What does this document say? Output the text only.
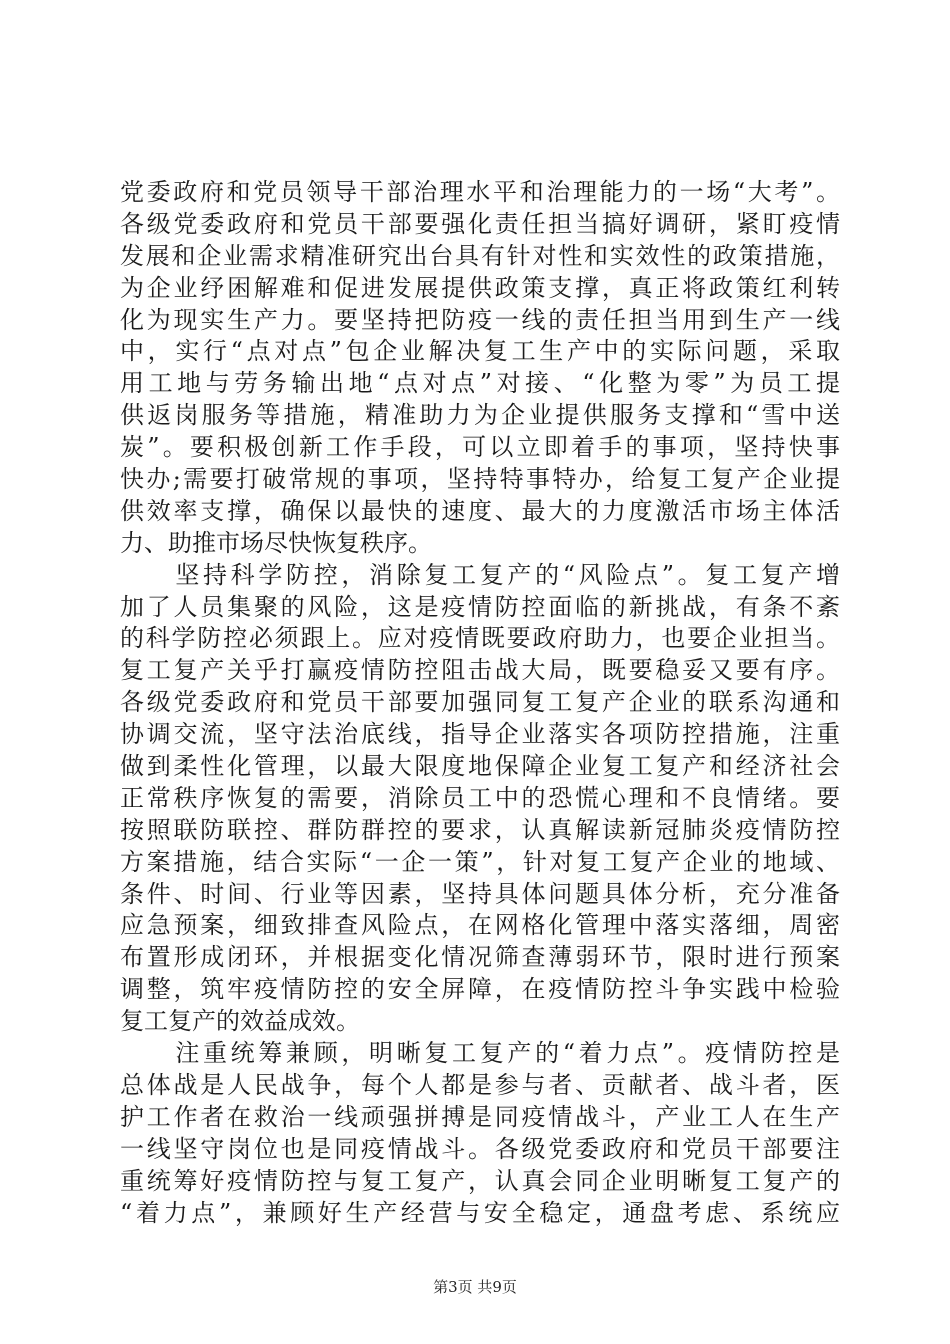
党委政府和党员领导干部治理水平和治理能力的一场“大考”。
各级党委政府和党员干部要强化责任担当搞好调研，紧盯疫情
发展和企业需求精准研究出台具有针对性和实效性的政策措施，
为企业纾困解难和促进发展提供政策支撑，真正将政策红利转
化为现实生产力。要坚持把防疫一线的责任担当用到生产一线
中，实行“点对点”包企业解决复工生产中的实际问题，采取
用工地与劳务输出地“点对点”对接、“化整为零”为员工提
供返岗服务等措施，精准助力为企业提供服务支撑和“雪中送
炭”。要积极创新工作手段，可以立即着手的事项，坚持快事
快办;需要打破常规的事项，坚持特事特办，给复工复产企业提
供效率支撑，确保以最快的速度、最大的力度激活市场主体活
力、助推市场尽快恢复秩序。
　　坚持科学防控，消除复工复产的“风险点”。复工复产增
加了人员集聚的风险，这是疫情防控面临的新挑战，有条不紊
的科学防控必须跟上。应对疫情既要政府助力，也要企业担当。
复工复产关乎打赢疫情防控阻击战大局，既要稳妥又要有序。
各级党委政府和党员干部要加强同复工复产企业的联系沟通和
协调交流，坚守法治底线，指导企业落实各项防控措施，注重
做到柔性化管理，以最大限度地保障企业复工复产和经济社会
正常秩序恢复的需要，消除员工中的恐慌心理和不良情绪。要
按照联防联控、群防群控的要求，认真解读新冠肺炎疫情防控
方案措施，结合实际“一企一策”，针对复工复产企业的地域、
条件、时间、行业等因素，坚持具体问题具体分析，充分准备
应急预案，细致排查风险点，在网格化管理中落实落细，周密
布置形成闭环，并根据变化情况筛查薄弱环节，限时进行预案
调整，筑牢疫情防控的安全屏障，在疫情防控斗争实践中检验
复工复产的效益成效。
　　注重统筹兼顾，明晰复工复产的“着力点”。疫情防控是
总体战是人民战争，每个人都是参与者、贡献者、战斗者，医
护工作者在救治一线顽强拼搏是同疫情战斗，产业工人在生产
一线坚守岗位也是同疫情战斗。各级党委政府和党员干部要注
重统筹好疫情防控与复工复产，认真会同企业明晰复工复产的
“着力点”，兼顾好生产经营与安全稳定，通盘考虑、系统应
第3页 共9页
